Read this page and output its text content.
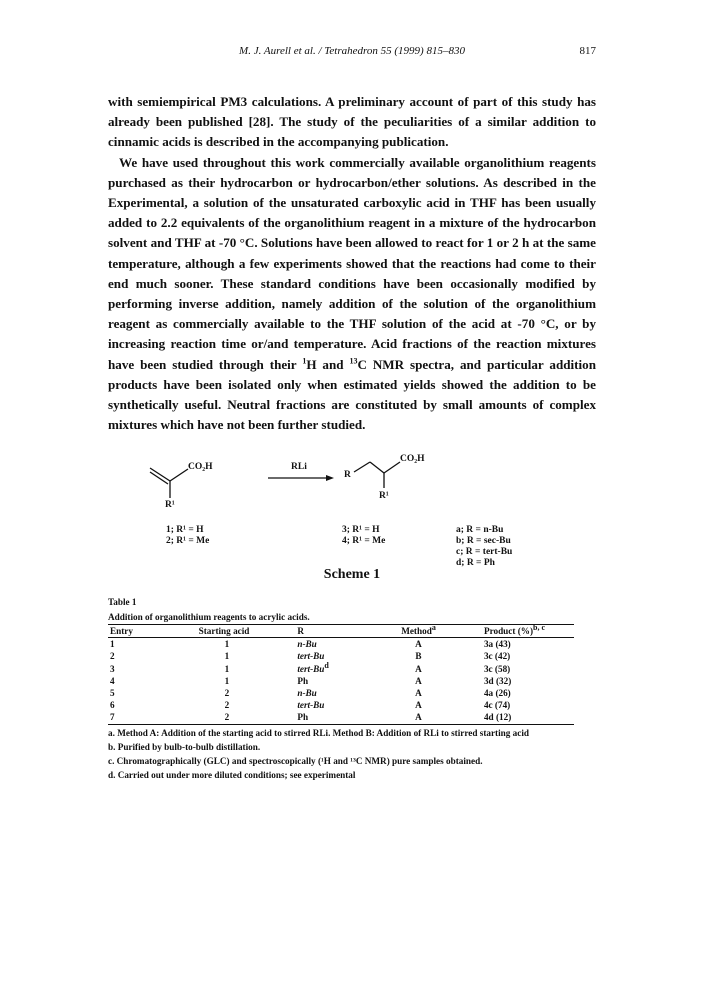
M. J. Aurell et al. / Tetrahedron 55 (1999) 815–830	817

with semiempirical PM3 calculations. A preliminary account of part of this study has already been published [28]. The study of the peculiarities of a similar addition to cinnamic acids is described in the accompanying publication.

We have used throughout this work commercially available organolithium reagents purchased as their hydrocarbon or hydrocarbon/ether solutions. As described in the Experimental, a solution of the unsaturated carboxylic acid in THF has been usually added to 2.2 equivalents of the organolithium reagent in a mixture of the hydrocarbon solvent and THF at -70 °C. Solutions have been allowed to react for 1 or 2 h at the same temperature, although a few experiments showed that the reactions had come to their end much sooner. These standard conditions have been occasionally modified by performing inverse addition, namely addition of the solution of the organolithium reagent as commercially available to the THF solution of the acid at -70 °C, or by increasing reaction time or/and temperature. Acid fractions of the reaction mixtures have been studied through their $^1$H and $^{13}$C NMR spectra, and particular addition products have been isolated only when estimated yields showed the addition to be synthetically useful. Neutral fractions are constituted by small amounts of complex mixtures which have not been further studied.

CO₂H
R¹
RLi
R
CO₂H
R¹
1; R¹ = H
2; R¹ = Me
3; R¹ = H
4; R¹ = Me
a; R = n-Bu
b; R = sec-Bu
c; R = tert-Bu
d; R = Ph
Scheme 1
Table 1
Addition of organolithium reagents to acrylic acids.
Entry	Starting acid	R	Method$^a$	Product (%)$^{b, c}$
1	1	n-Bu	A	3a (43)
2	1	tert-Bu	B	3c (42)
3	1	tert-Bu$^d$	A	3c (58)
4	1	Ph	A	3d (32)
5	2	n-Bu	A	4a (26)
6	2	tert-Bu	A	4c (74)
7	2	Ph	A	4d (12)
a. Method A: Addition of the starting acid to stirred RLi. Method B: Addition of RLi to stirred starting acid
b. Purified by bulb-to-bulb distillation.
c. Chromatographically (GLC) and spectroscopically (¹H and ¹³C NMR) pure samples obtained.
d. Carried out under more diluted conditions; see experimental
